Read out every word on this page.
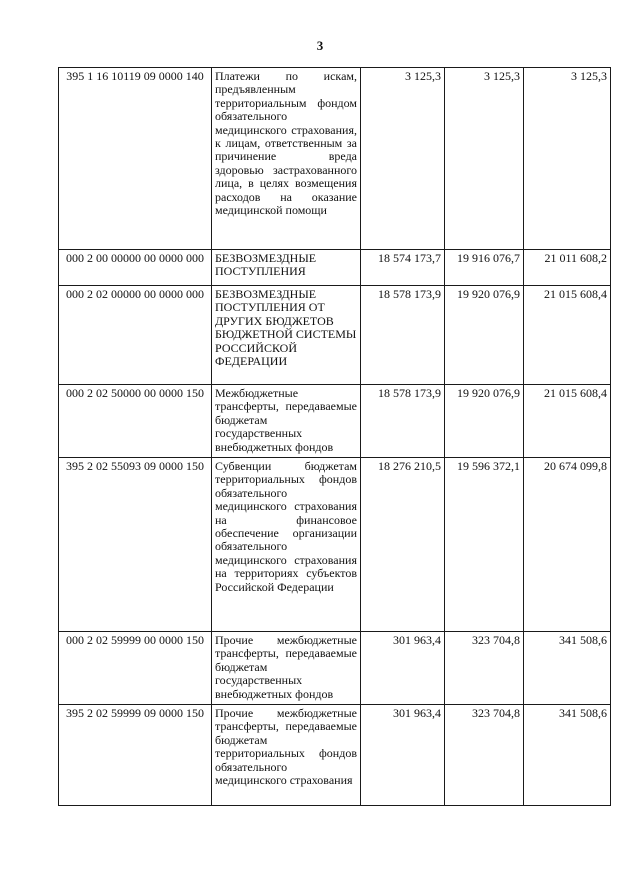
3
395 1 16 10119 09 0000 140	Платежи по искам, предъявленным территориальным фондом обязательного медицинского страхования, к лицам, ответственным за причинение вреда здоровью застрахованного лица, в целях возмещения расходов на оказание медицинской помощи	3 125,3	3 125,3	3 125,3
000 2 00 00000 00 0000 000	БЕЗВОЗМЕЗДНЫЕ ПОСТУПЛЕНИЯ	18 574 173,7	19 916 076,7	21 011 608,2
000 2 02 00000 00 0000 000	БЕЗВОЗМЕЗДНЫЕ ПОСТУПЛЕНИЯ ОТ ДРУГИХ БЮДЖЕТОВ БЮДЖЕТНОЙ СИСТЕМЫ РОССИЙСКОЙ ФЕДЕРАЦИИ	18 578 173,9	19 920 076,9	21 015 608,4
000 2 02 50000 00 0000 150	Межбюджетные трансферты, передаваемые бюджетам государственных внебюджетных фондов	18 578 173,9	19 920 076,9	21 015 608,4
395 2 02 55093 09 0000 150	Субвенции бюджетам территориальных фондов обязательного медицинского страхования на финансовое обеспечение организации обязательного медицинского страхования на территориях субъектов Российской Федерации	18 276 210,5	19 596 372,1	20 674 099,8
000 2 02 59999 00 0000 150	Прочие межбюджетные трансферты, передаваемые бюджетам государственных внебюджетных фондов	301 963,4	323 704,8	341 508,6
395 2 02 59999 09 0000 150	Прочие межбюджетные трансферты, передаваемые бюджетам территориальных фондов обязательного медицинского страхования	301 963,4	323 704,8	341 508,6
